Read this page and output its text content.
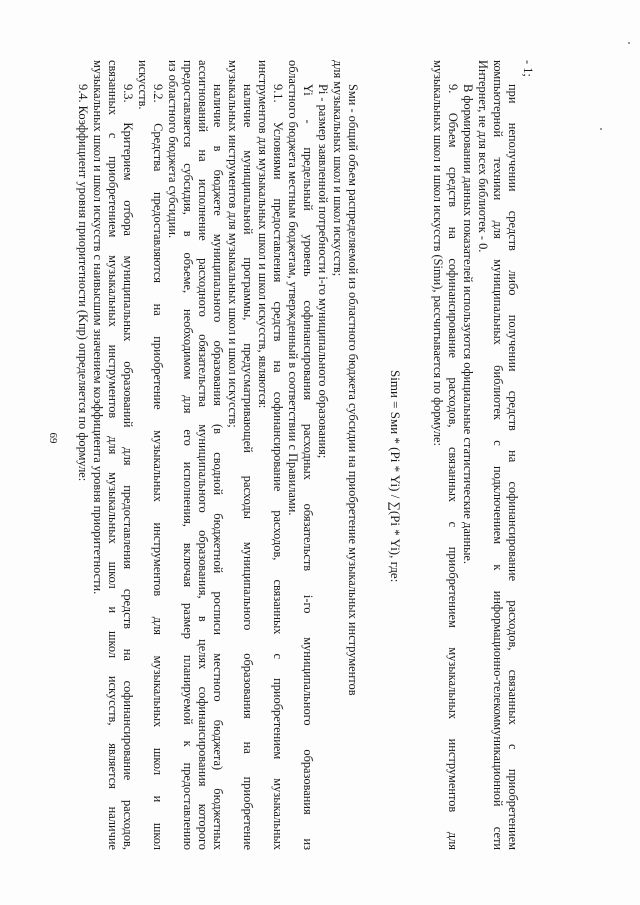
- 1;
при неполучении средств либо получении средств на софинансирование расходов, связанных с приобретением
компьютерной техники для муниципальных библиотек с подключением к информационно-телекоммуникационной сети
Интернет, не для всех библиотек - 0.
В формировании данных показателей используются официальные статистические данные.
9. Объем средств на софинансирование расходов, связанных с приобретением музыкальных инструментов для
музыкальных школ и школ искусств (Simи), рассчитывается по формуле:
Simи = Sми * (Pi * Yi) / ∑(Pi * Yi), где:
Sми - общий объем распределяемой из областного бюджета субсидии на приобретение музыкальных инструментов
для музыкальных школ и школ искусств;
Pi - размер заявленной потребности i-го муниципального образования;
Yi - предельный уровень софинансирования расходных обязательств i-го муниципального образования из
областного бюджета местным бюджетам, утвержденный в соответствии с Правилами.
9.1. Условиями предоставления средств на софинансирование расходов, связанных с приобретением музыкальных
инструментов для музыкальных школ и школ искусств, являются:
наличие муниципальной программы, предусматривающей расходы муниципального образования на приобретение
музыкальных инструментов для музыкальных школ и школ искусств;
наличие в бюджете муниципального образования (в сводной бюджетной росписи местного бюджета) бюджетных
ассигнований на исполнение расходного обязательства муниципального образования, в целях софинансирования которого
предоставляется субсидия, в объеме, необходимом для его исполнения, включая размер планируемой к предоставлению
из областного бюджета субсидии.
9.2. Средства предоставляются на приобретение музыкальных инструментов для музыкальных школ и школ
искусств.
9.3. Критерием отбора муниципальных образований для предоставления средств на софинансирование расходов,
связанных с приобретением музыкальных инструментов для музыкальных школ и школ искусств, является наличие
музыкальных школ и школ искусств с наивысшим значением коэффициента уровня приоритетности.
9.4. Коэффициент уровня приоритетности (Kпр) определяется по формуле:
69
